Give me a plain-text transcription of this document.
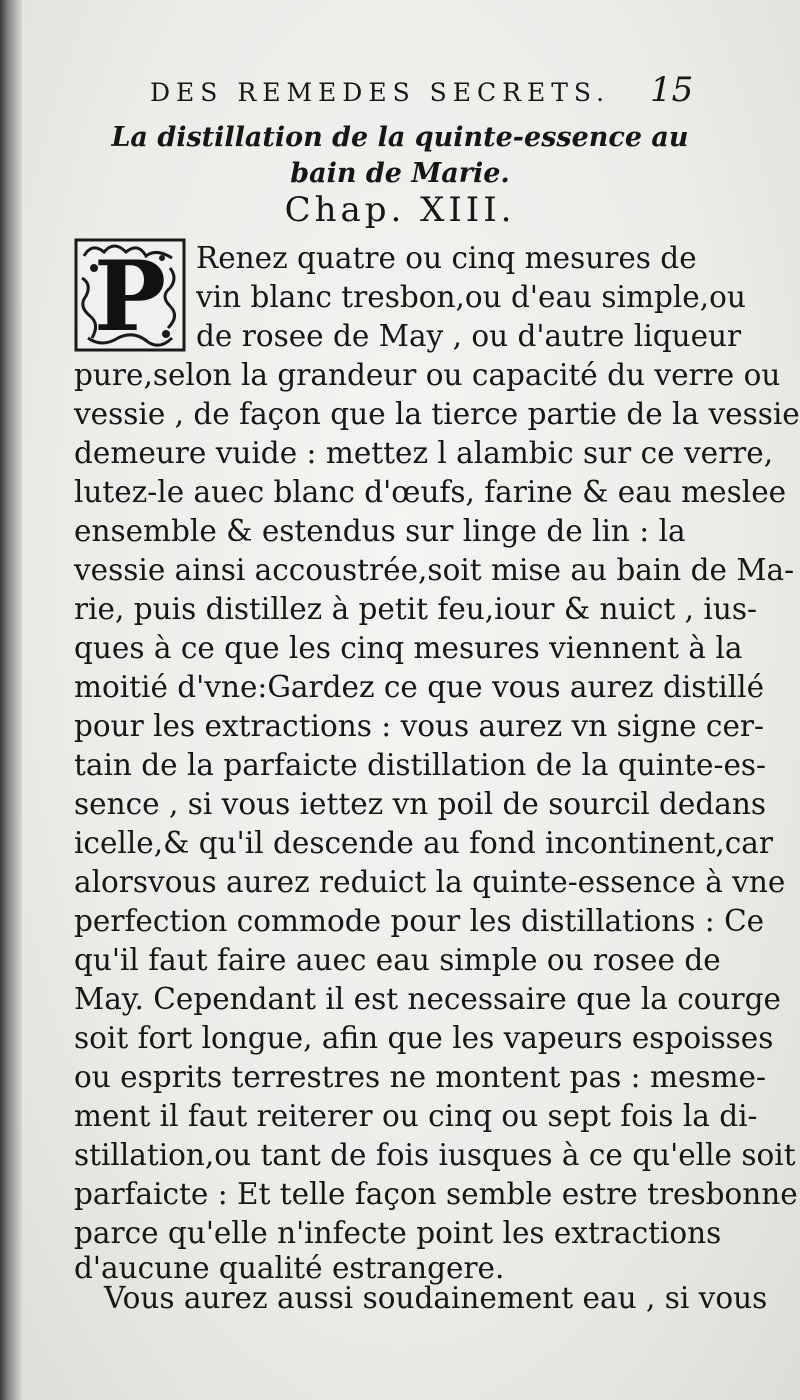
DES REMEDES SECRETS. 15
La distillation de la quinte-essence au
bain de Marie.
Chap. XIII.
P Renez quatre ou cinq mesures de
vin blanc tresbon,ou d'eau simple,ou
de rosee de May , ou d'autre liqueur
pure,selon la grandeur ou capacité du verre ou
vessie , de façon que la tierce partie de la vessie
demeure vuide : mettez l alambic sur ce verre,
lutez-le auec blanc d'œufs, farine & eau meslee
ensemble & estendus sur linge de lin : la
vessie ainsi accoustrée,soit mise au bain de Ma-
rie, puis distillez à petit feu,iour & nuict , ius-
ques à ce que les cinq mesures viennent à la
moitié d'vne:Gardez ce que vous aurez distillé
pour les extractions : vous aurez vn signe cer-
tain de la parfaicte distillation de la quinte-es-
sence , si vous iettez vn poil de sourcil dedans
icelle,& qu'il descende au fond incontinent,car
alorsvous aurez reduict la quinte-essence à vne
perfection commode pour les distillations : Ce
qu'il faut faire auec eau simple ou rosee de
May. Cependant il est necessaire que la courge
soit fort longue, afin que les vapeurs espoisses
ou esprits terrestres ne montent pas : mesme-
ment il faut reiterer ou cinq ou sept fois la di-
stillation,ou tant de fois iusques à ce qu'elle soit
parfaicte : Et telle façon semble estre tresbonne
parce qu'elle n'infecte point les extractions
d'aucune qualité estrangere.
Vous aurez aussi soudainement eau , si vous
